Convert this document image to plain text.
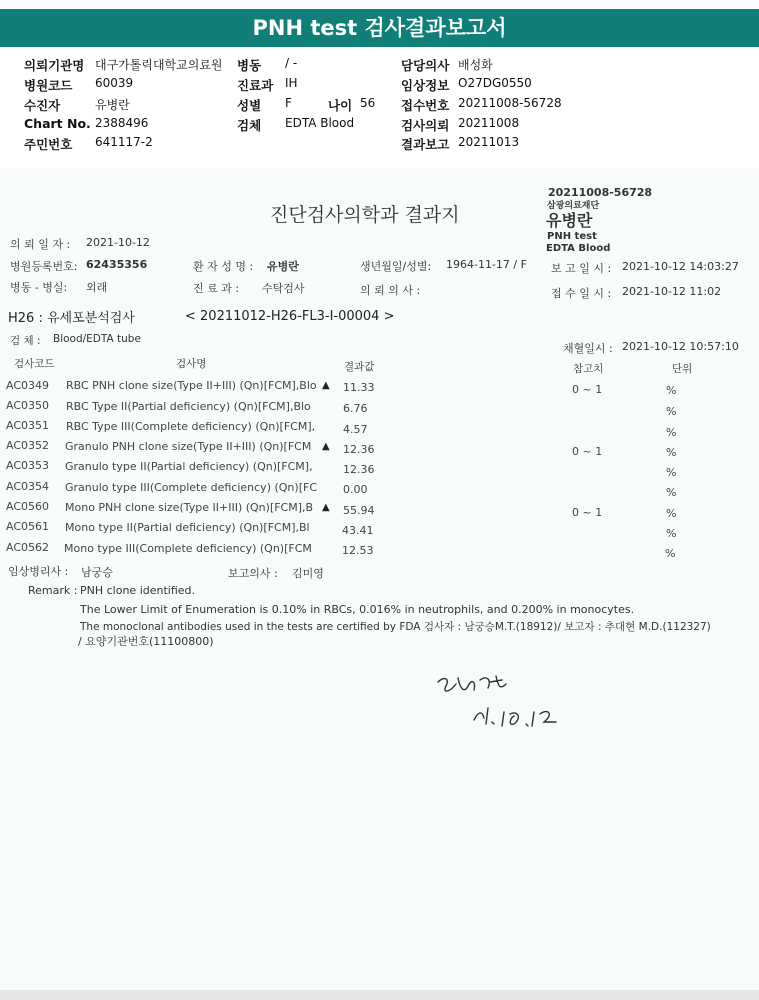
PNH test 검사결과보고서
의뢰기관명 대구가톨릭대학교의료원
병원코드 60039
수진자	유병란
Chart No. 2388496
주민번호 641117-2
병동 / -
진료과 IH
성별 F	나이 56
검체 EDTA Blood
담당의사 배성화
임상정보 O27DG0550
접수번호 20211008-56728
검사의뢰 20211008
결과보고 20211013
20211008-56728
삼광의료재단
유병란
PNH test
EDTA Blood
진단검사의학과 결과지
의 뢰 일 자 : 2021-10-12
병원등록번호: 62435356	환 자 성 명 : 유병란	생년월일/성별: 1964-11-17 / F 보 고 일 시 : 2021-10-12 14:03:27
병동 - 병실: 외래	진 료 과 : 수탁검사	의 뢰 의 사 :	접 수 일 시 : 2021-10-12 11:02
H26 : 유세포분석검사	< 20211012-H26-FL3-I-00004 >
검 체 : Blood/EDTA tube
채혈일시 : 2021-10-12 10:57:10
검사코드	검사명	결과값	참고치	단위
AC0349 RBC PNH clone size(Type II+III) (Qn)[FCM],Blo ▲ 11.33	0 ~ 1	%
AC0350 RBC Type II(Partial deficiency) (Qn)[FCM],Blo	6.76	%
AC0351 RBC Type III(Complete deficiency) (Qn)[FCM],	4.57	%
AC0352 Granulo PNH clone size(Type II+III) (Qn)[FCM ▲ 12.36	0 ~ 1	%
AC0353 Granulo type II(Partial deficiency) (Qn)[FCM],	12.36	%
AC0354 Granulo type III(Complete deficiency) (Qn)[FC 0.00	%
AC0560 Mono PNH clone size(Type II+III) (Qn)[FCM],B ▲ 55.94	0 ~ 1	%
AC0561 Mono type II(Partial deficiency) (Qn)[FCM],Bl	43.41	%
AC0562 Mono type III(Complete deficiency) (Qn)[FCM	12.53	%
임상병리사 : 남궁승	보고의사 : 김미영
Remark : PNH clone identified.
The Lower Limit of Enumeration is 0.10% in RBCs, 0.016% in neutrophils, and 0.200% in monocytes.
The monoclonal antibodies used in the tests are certified by FDA 검사자 : 남궁승M.T.(18912)/ 보고자 : 추대현 M.D.(112327)
/ 요양기관번호(11100800)
